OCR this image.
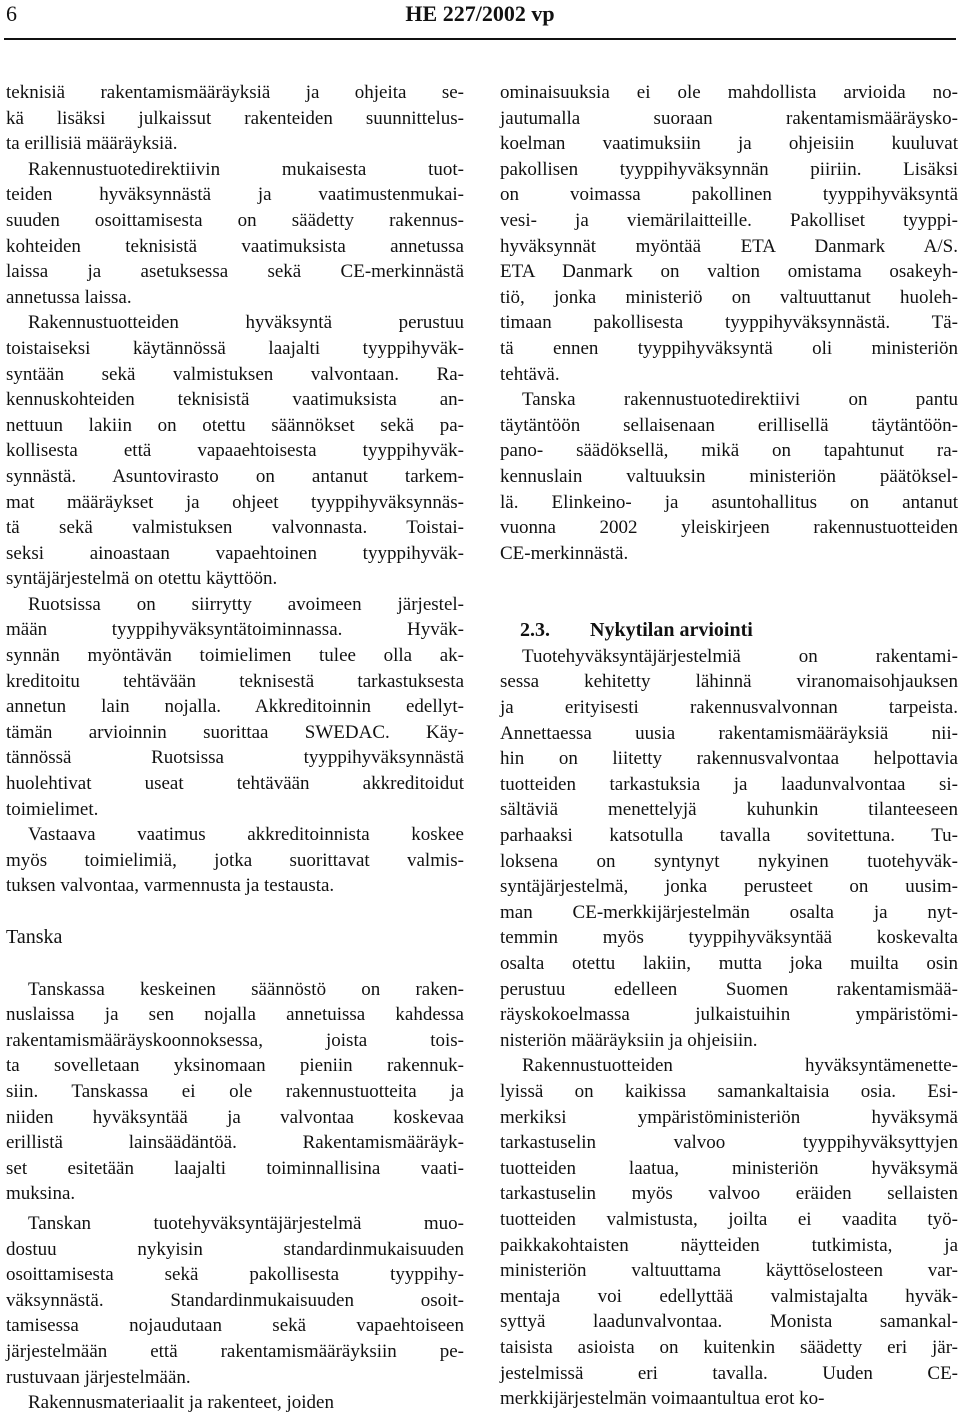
6	HE 227/2002 vp
teknisiä rakentamismääräyksiä ja ohjeita se-
kä lisäksi julkaissut rakenteiden suunnittelus-
ta erillisiä määräyksiä.
Rakennustuotedirektiivin mukaisesta tuot-
teiden hyväksynnästä ja vaatimustenmukai-
suuden osoittamisesta on säädetty rakennus-
kohteiden teknisistä vaatimuksista annetussa
laissa ja asetuksessa sekä CE-merkinnästä
annetussa laissa.
Rakennustuotteiden hyväksyntä perustuu
toistaiseksi käytännössä laajalti tyyppihyväk-
syntään sekä valmistuksen valvontaan. Ra-
kennuskohteiden teknisistä vaatimuksista an-
nettuun lakiin on otettu säännökset sekä pa-
kollisesta että vapaaehtoisesta tyyppihyväk-
synnästä. Asuntovirasto on antanut tarkem-
mat määräykset ja ohjeet tyyppihyväksynnäs-
tä sekä valmistuksen valvonnasta. Toistai-
seksi ainoastaan vapaehtoinen tyyppihyväk-
syntäjärjestelmä on otettu käyttöön.
Ruotsissa on siirrytty avoimeen järjestel-
mään tyyppihyväksyntätoiminnassa. Hyväk-
synnän myöntävän toimielimen tulee olla ak-
kreditoitu tehtävään teknisestä tarkastuksesta
annetun lain nojalla. Akkreditoinnin edellyt-
tämän arvioinnin suorittaa SWEDAC. Käy-
tännössä Ruotsissa tyyppihyväksynnästä
huolehtivat useat tehtävään akkreditoidut
toimielimet.
Vastaava vaatimus akkreditoinnista koskee
myös toimielimiä, jotka suorittavat valmis-
tuksen valvontaa, varmennusta ja testausta.
Tanska
Tanskassa keskeinen säännöstö on raken-
nuslaissa ja sen nojalla annetuissa kahdessa
rakentamismääräyskoonnoksessa, joista tois-
ta sovelletaan yksinomaan pieniin rakennuk-
siin. Tanskassa ei ole rakennustuotteita ja
niiden hyväksyntää ja valvontaa koskevaa
erillistä lainsäädäntöä. Rakentamismääräyk-
set esitetään laajalti toiminnallisina vaati-
muksina.
Tanskan tuotehyväksyntäjärjestelmä muo-
dostuu nykyisin standardinmukaisuuden
osoittamisesta sekä pakollisesta tyyppihy-
väksynnästä. Standardinmukaisuuden osoit-
tamisessa nojaudutaan sekä vapaehtoiseen
järjestelmään että rakentamismääräyksiin pe-
rustuvaan järjestelmään.
Rakennusmateriaalit ja rakenteet, joiden
ominaisuuksia ei ole mahdollista arvioida no-
jautumalla suoraan rakentamismääräysko-
koelman vaatimuksiin ja ohjeisiin kuuluvat
pakollisen tyyppihyväksynnän piiriin. Lisäksi
on voimassa pakollinen tyyppihyväksyntä
vesi- ja viemärilaitteille. Pakolliset tyyppi-
hyväksynnät myöntää ETA Danmark A/S.
ETA Danmark on valtion omistama osakeyh-
tiö, jonka ministeriö on valtuuttanut huoleh-
timaan pakollisesta tyyppihyväksynnästä. Tä-
tä ennen tyyppihyväksyntä oli ministeriön
tehtävä.
Tanska rakennustuotedirektiivi on pantu
täytäntöön sellaisenaan erillisellä täytäntöön-
pano- säädöksellä, mikä on tapahtunut ra-
kennuslain valtuuksin ministeriön päätöksel-
lä. Elinkeino- ja asuntohallitus on antanut
vuonna 2002 yleiskirjeen rakennustuotteiden
CE-merkinnästä.

2.3. Nykytilan arviointi

Tuotehyväksyntäjärjestelmiä on rakentami-
sessa kehitetty lähinnä viranomaisohjauksen
ja erityisesti rakennusvalvonnan tarpeista.
Annettaessa uusia rakentamismääräyksiä nii-
hin on liitetty rakennusvalvontaa helpottavia
tuotteiden tarkastuksia ja laadunvalvontaa si-
sältäviä menettelyjä kuhunkin tilanteeseen
parhaaksi katsotulla tavalla sovitettuna. Tu-
loksena on syntynyt nykyinen tuotehyväk-
syntäjärjestelmä, jonka perusteet on uusim-
man CE-merkkijärjestelmän osalta ja nyt-
temmin myös tyyppihyväksyntää koskevalta
osalta otettu lakiin, mutta joka muilta osin
perustuu edelleen Suomen rakentamismää-
räyskokoelmassa julkaistuihin ympäristömi-
nisteriön määräyksiin ja ohjeisiin.
Rakennustuotteiden hyväksyntämenette-
lyissä on kaikissa samankaltaisia osia. Esi-
merkiksi ympäristöministeriön hyväksymä
tarkastuselin valvoo tyyppihyväksyttyjen
tuotteiden laatua, ministeriön hyväksymä
tarkastuselin myös valvoo eräiden sellaisten
tuotteiden valmistusta, joilta ei vaadita työ-
paikkakohtaisten näytteiden tutkimista, ja
ministeriön valtuuttama käyttöselosteen var-
mentaja voi edellyttää valmistajalta hyväk-
syttyä laadunvalvontaa. Monista samankal-
taisista asioista on kuitenkin säädetty eri jär-
jestelmissä eri tavalla. Uuden CE-
merkkijärjestelmän voimaantultua erot ko-
